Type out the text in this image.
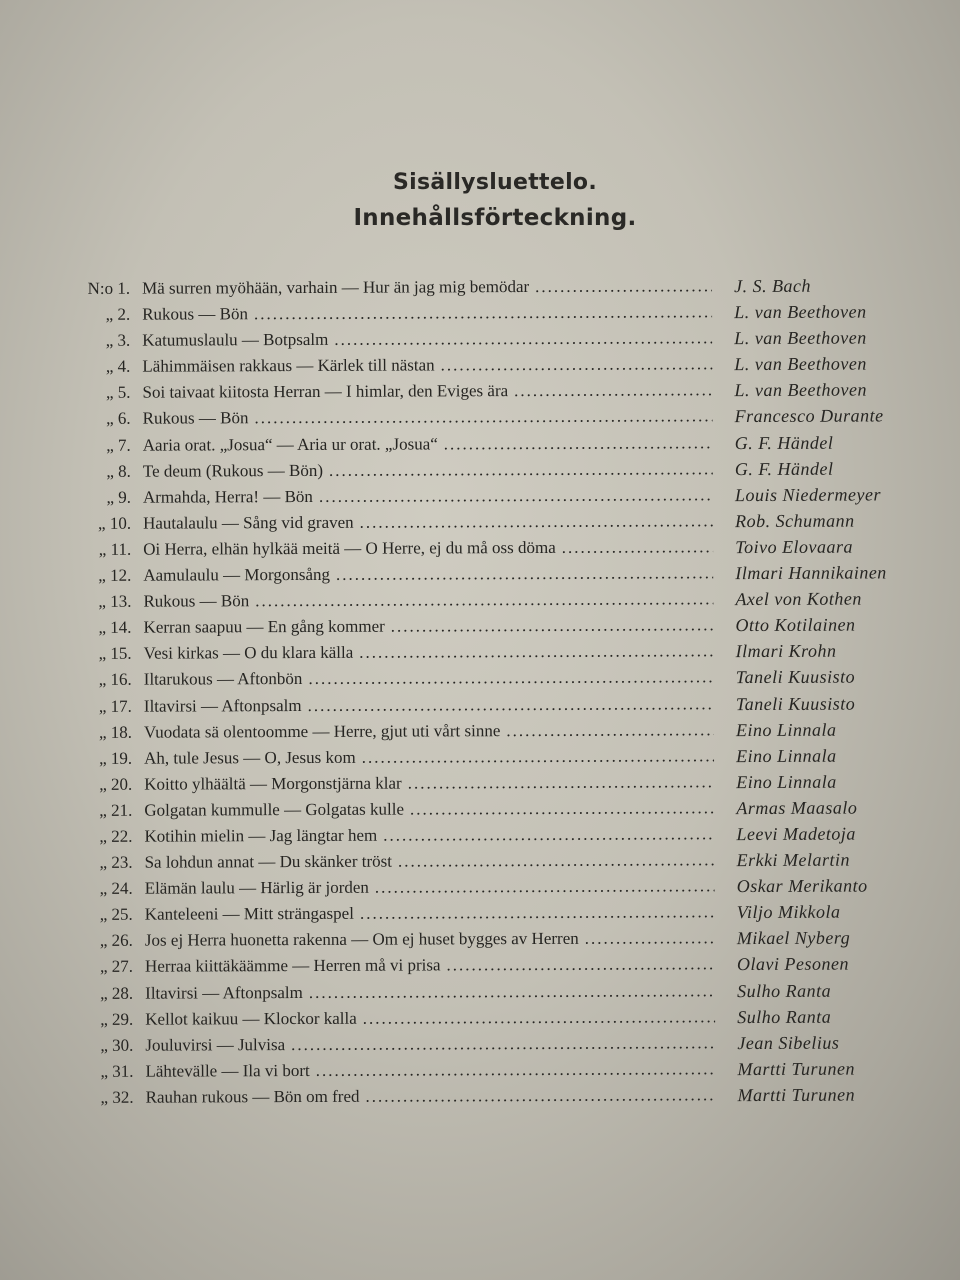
Sisällysluettelo.
Innehållsförteckning.
N:o 1. Mä surren myöhään, varhain — Hur än jag mig bemödar .....	J. S. Bach
„ 2. Rukous — Bön .....	L. van Beethoven
„ 3. Katumuslaulu — Botpsalm .....	L. van Beethoven
„ 4. Lähimmäisen rakkaus — Kärlek till nästan .....	L. van Beethoven
„ 5. Soi taivaat kiitosta Herran — I himlar, den Eviges ära .....	L. van Beethoven
„ 6. Rukous — Bön .....	Francesco Durante
„ 7. Aaria orat. „Josua“ — Aria ur orat. „Josua“ .....	G. F. Händel
„ 8. Te deum (Rukous — Bön) .....	G. F. Händel
„ 9. Armahda, Herra! — Bön .....	Louis Niedermeyer
„ 10. Hautalaulu — Sång vid graven .....	Rob. Schumann
„ 11. Oi Herra, elhän hylkää meitä — O Herre, ej du må oss döma .....	Toivo Elovaara
„ 12. Aamulaulu — Morgonsång .....	Ilmari Hannikainen
„ 13. Rukous — Bön .....	Axel von Kothen
„ 14. Kerran saapuu — En gång kommer .....	Otto Kotilainen
„ 15. Vesi kirkas — O du klara källa .....	Ilmari Krohn
„ 16. Iltarukous — Aftonbön .....	Taneli Kuusisto
„ 17. Iltavirsi — Aftonpsalm .....	Taneli Kuusisto
„ 18. Vuodata sä olentoomme — Herre, gjut uti vårt sinne .....	Eino Linnala
„ 19. Ah, tule Jesus — O, Jesus kom .....	Eino Linnala
„ 20. Koitto ylhäältä — Morgonstjärna klar .....	Eino Linnala
„ 21. Golgatan kummulle — Golgatas kulle .....	Armas Maasalo
„ 22. Kotihin mielin — Jag längtar hem .....	Leevi Madetoja
„ 23. Sa lohdun annat — Du skänker tröst .....	Erkki Melartin
„ 24. Elämän laulu — Härlig är jorden .....	Oskar Merikanto
„ 25. Kanteleeni — Mitt strängaspel .....	Viljo Mikkola
„ 26. Jos ej Herra huonetta rakenna — Om ej huset bygges av Herren .....	Mikael Nyberg
„ 27. Herraa kiittäkäämme — Herren må vi prisa .....	Olavi Pesonen
„ 28. Iltavirsi — Aftonpsalm .....	Sulho Ranta
„ 29. Kellot kaikuu — Klockor kalla .....	Sulho Ranta
„ 30. Jouluvirsi — Julvisa .....	Jean Sibelius
„ 31. Lähtevälle — Ila vi bort .....	Martti Turunen
„ 32. Rauhan rukous — Bön om fred .....	Martti Turunen
